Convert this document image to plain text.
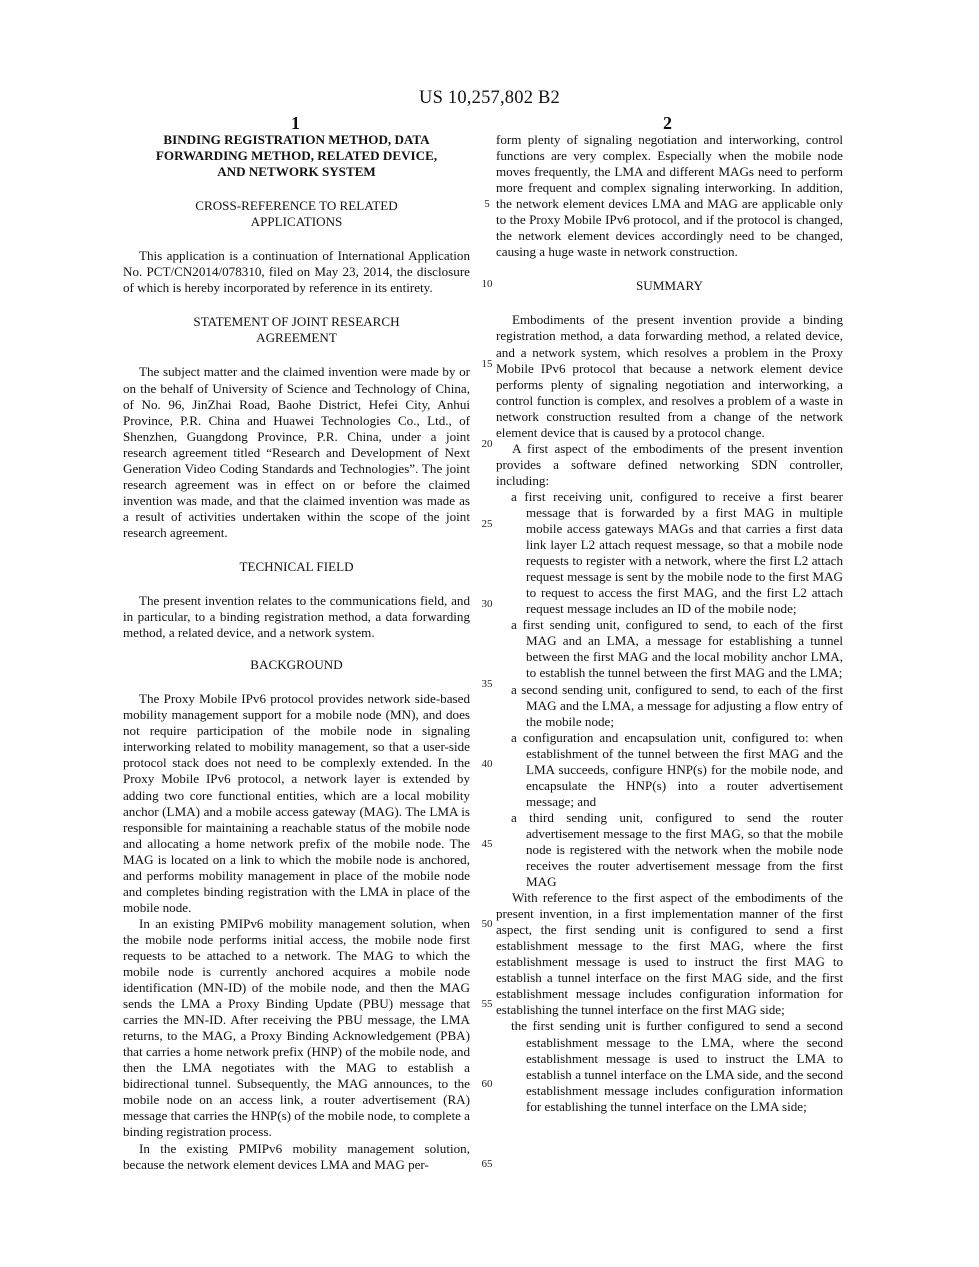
US 10,257,802 B2
1	2

BINDING REGISTRATION METHOD, DATA FORWARDING METHOD, RELATED DEVICE, AND NETWORK SYSTEM

CROSS-REFERENCE TO RELATED APPLICATIONS

This application is a continuation of International Application No. PCT/CN2014/078310, filed on May 23, 2014, the disclosure of which is hereby incorporated by reference in its entirety.

STATEMENT OF JOINT RESEARCH AGREEMENT

The subject matter and the claimed invention were made by or on the behalf of University of Science and Technology of China, of No. 96, JinZhai Road, Baohe District, Hefei City, Anhui Province, P.R. China and Huawei Technologies Co., Ltd., of Shenzhen, Guangdong Province, P.R. China, under a joint research agreement titled “Research and Development of Next Generation Video Coding Standards and Technologies”. The joint research agreement was in effect on or before the claimed invention was made, and that the claimed invention was made as a result of activities undertaken within the scope of the joint research agreement.

TECHNICAL FIELD

The present invention relates to the communications field, and in particular, to a binding registration method, a data forwarding method, a related device, and a network system.

BACKGROUND

The Proxy Mobile IPv6 protocol provides network side-based mobility management support for a mobile node (MN), and does not require participation of the mobile node in signaling interworking related to mobility management, so that a user-side protocol stack does not need to be complexly extended. In the Proxy Mobile IPv6 protocol, a network layer is extended by adding two core functional entities, which are a local mobility anchor (LMA) and a mobile access gateway (MAG). The LMA is responsible for maintaining a reachable status of the mobile node and allocating a home network prefix of the mobile node. The MAG is located on a link to which the mobile node is anchored, and performs mobility management in place of the mobile node and completes binding registration with the LMA in place of the mobile node.

In an existing PMIPv6 mobility management solution, when the mobile node performs initial access, the mobile node first requests to be attached to a network. The MAG to which the mobile node is currently anchored acquires a mobile node identification (MN-ID) of the mobile node, and then the MAG sends the LMA a Proxy Binding Update (PBU) message that carries the MN-ID. After receiving the PBU message, the LMA returns, to the MAG, a Proxy Binding Acknowledgement (PBA) that carries a home network prefix (HNP) of the mobile node, and then the LMA negotiates with the MAG to establish a bidirectional tunnel. Subsequently, the MAG announces, to the mobile node on an access link, a router advertisement (RA) message that carries the HNP(s) of the mobile node, to complete a binding registration process.

In the existing PMIPv6 mobility management solution, because the network element devices LMA and MAG per-

form plenty of signaling negotiation and interworking, control functions are very complex. Especially when the mobile node moves frequently, the LMA and different MAGs need to perform more frequent and complex signaling interworking. In addition, the network element devices LMA and MAG are applicable only to the Proxy Mobile IPv6 protocol, and if the protocol is changed, the network element devices accordingly need to be changed, causing a huge waste in network construction.

SUMMARY

Embodiments of the present invention provide a binding registration method, a data forwarding method, a related device, and a network system, which resolves a problem in the Proxy Mobile IPv6 protocol that because a network element device performs plenty of signaling negotiation and interworking, a control function is complex, and resolves a problem of a waste in network construction resulted from a change of the network element device that is caused by a protocol change.

A first aspect of the embodiments of the present invention provides a software defined networking SDN controller, including:

a first receiving unit, configured to receive a first bearer message that is forwarded by a first MAG in multiple mobile access gateways MAGs and that carries a first data link layer L2 attach request message, so that a mobile node requests to register with a network, where the first L2 attach request message is sent by the mobile node to the first MAG to request to access the first MAG, and the first L2 attach request message includes an ID of the mobile node;

a first sending unit, configured to send, to each of the first MAG and an LMA, a message for establishing a tunnel between the first MAG and the local mobility anchor LMA, to establish the tunnel between the first MAG and the LMA;

a second sending unit, configured to send, to each of the first MAG and the LMA, a message for adjusting a flow entry of the mobile node;

a configuration and encapsulation unit, configured to: when establishment of the tunnel between the first MAG and the LMA succeeds, configure HNP(s) for the mobile node, and encapsulate the HNP(s) into a router advertisement message; and

a third sending unit, configured to send the router advertisement message to the first MAG, so that the mobile node is registered with the network when the mobile node receives the router advertisement message from the first MAG

With reference to the first aspect of the embodiments of the present invention, in a first implementation manner of the first aspect, the first sending unit is configured to send a first establishment message to the first MAG, where the first establishment message is used to instruct the first MAG to establish a tunnel interface on the first MAG side, and the first establishment message includes configuration information for establishing the tunnel interface on the first MAG side;

the first sending unit is further configured to send a second establishment message to the LMA, where the second establishment message is used to instruct the LMA to establish a tunnel interface on the LMA side, and the second establishment message includes configuration information for establishing the tunnel interface on the LMA side;

5
10
15
20
25
30
35
40
45
50
55
60
65
